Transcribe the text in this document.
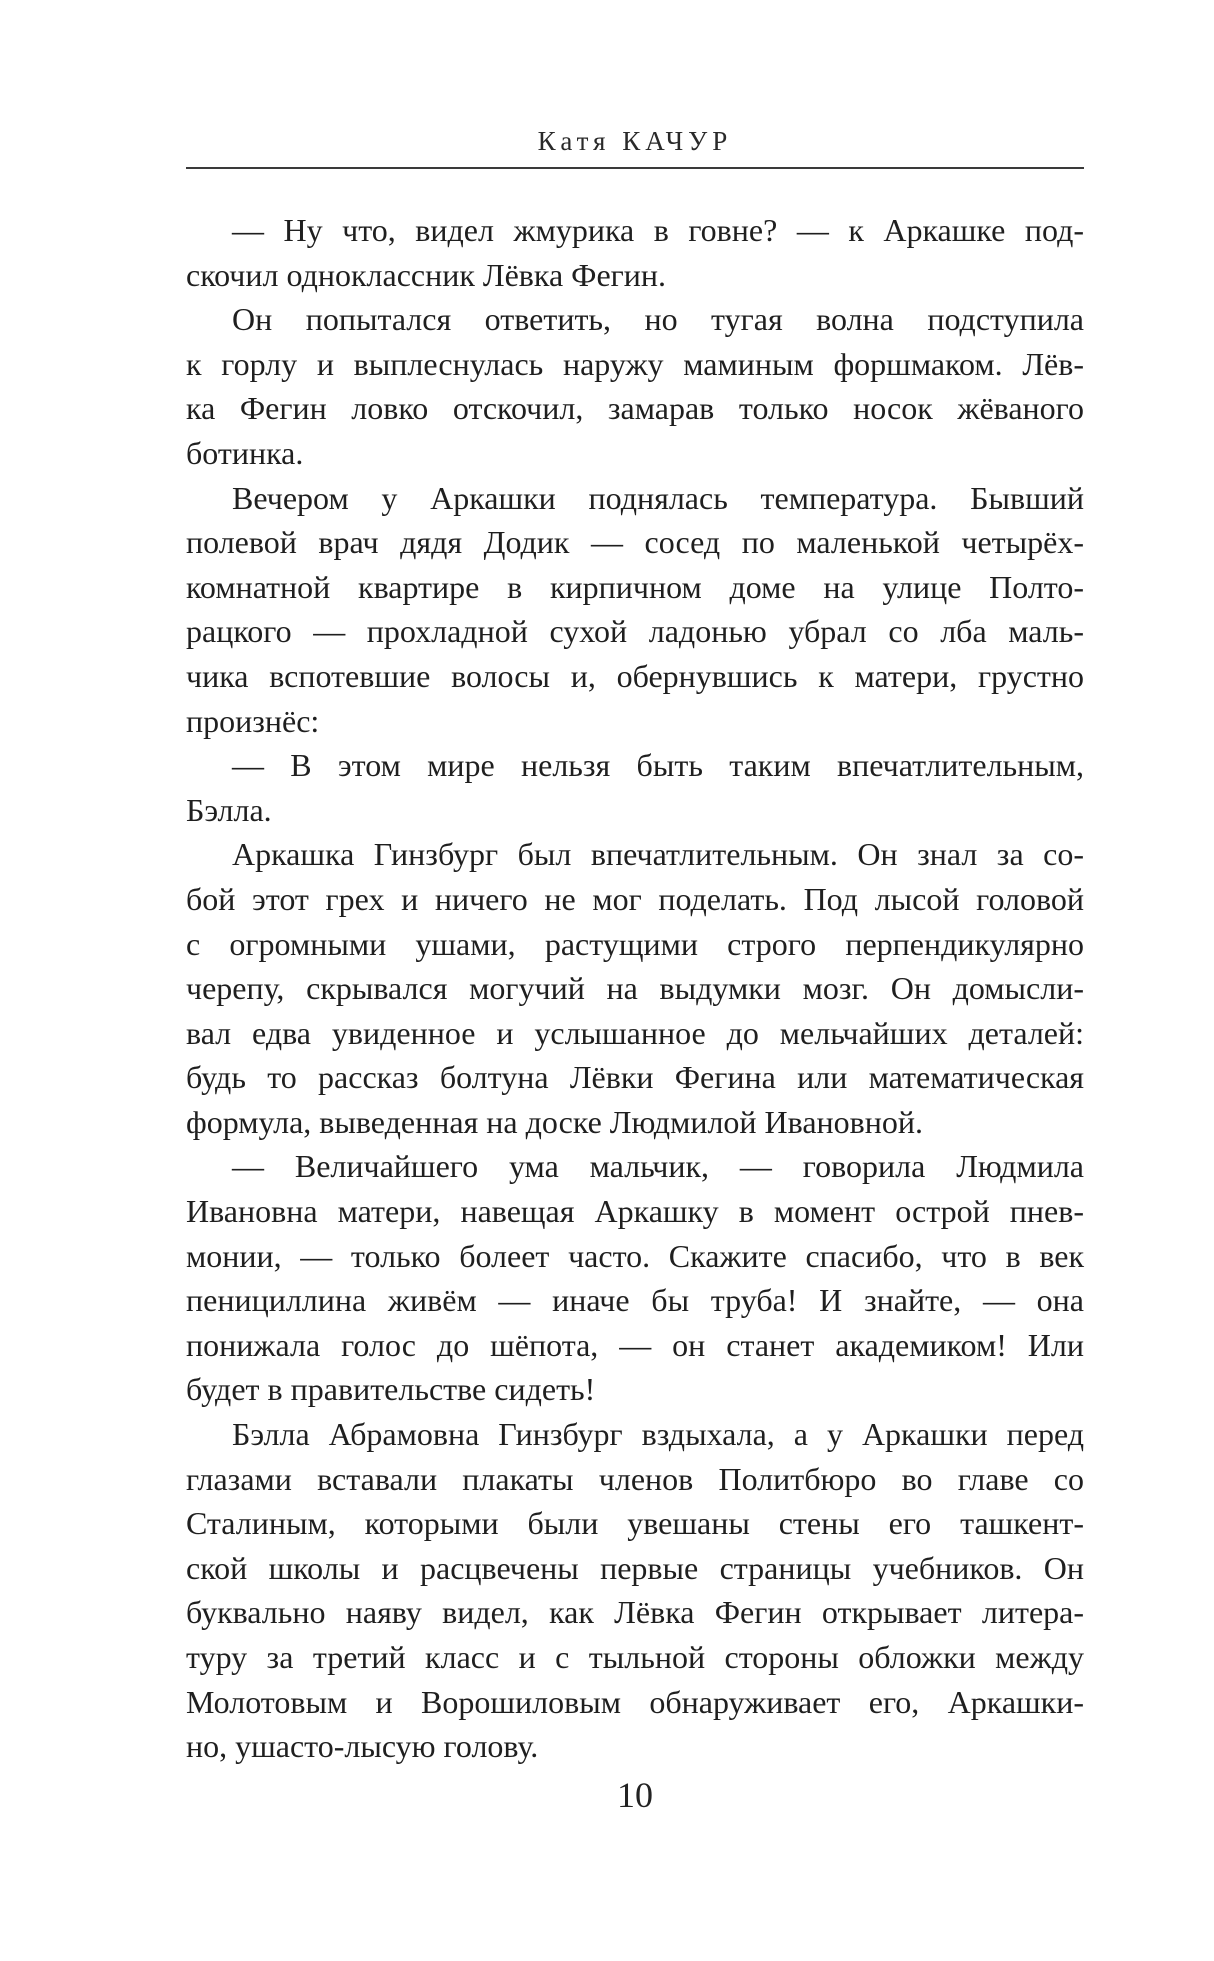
Катя КАЧУР

— Ну что, видел жмурика в говне? — к Аркашке под-
скочил одноклассник Лёвка Фегин.

Он попытался ответить, но тугая волна подступила
к горлу и выплеснулась наружу маминым форшмаком. Лёв-
ка Фегин ловко отскочил, замарав только носок жёваного
ботинка.

Вечером у Аркашки поднялась температура. Бывший
полевой врач дядя Додик — сосед по маленькой четырёх-
комнатной квартире в кирпичном доме на улице Полто-
рацкого — прохладной сухой ладонью убрал со лба маль-
чика вспотевшие волосы и, обернувшись к матери, грустно
произнёс:

— В этом мире нельзя быть таким впечатлительным,
Бэлла.

Аркашка Гинзбург был впечатлительным. Он знал за со-
бой этот грех и ничего не мог поделать. Под лысой головой
с огромными ушами, растущими строго перпендикулярно
черепу, скрывался могучий на выдумки мозг. Он домысли-
вал едва увиденное и услышанное до мельчайших деталей:
будь то рассказ болтуна Лёвки Фегина или математическая
формула, выведенная на доске Людмилой Ивановной.

— Величайшего ума мальчик, — говорила Людмила
Ивановна матери, навещая Аркашку в момент острой пнев-
монии, — только болеет часто. Скажите спасибо, что в век
пенициллина живём — иначе бы труба! И знайте, — она
понижала голос до шёпота, — он станет академиком! Или
будет в правительстве сидеть!

Бэлла Абрамовна Гинзбург вздыхала, а у Аркашки перед
глазами вставали плакаты членов Политбюро во главе со
Сталиным, которыми были увешаны стены его ташкент-
ской школы и расцвечены первые страницы учебников. Он
буквально наяву видел, как Лёвка Фегин открывает литера-
туру за третий класс и с тыльной стороны обложки между
Молотовым и Ворошиловым обнаруживает его, Аркашки-
но, ушасто-лысую голову.

10
